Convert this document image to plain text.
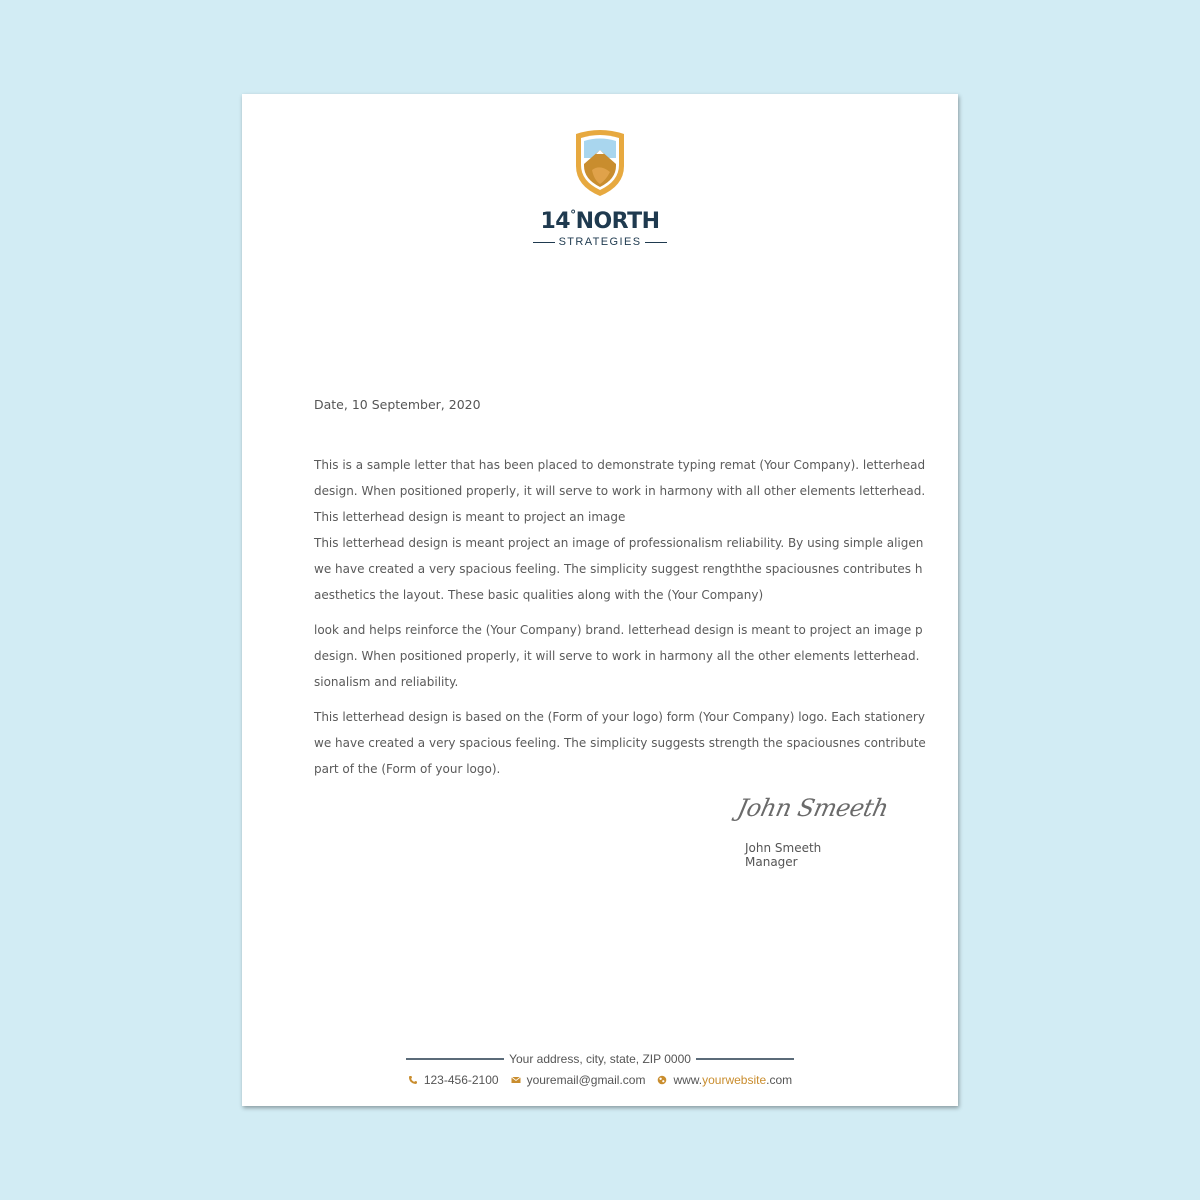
14°NORTH
STRATEGIES
Date, 10 September, 2020
This is a sample letter that has been placed to demonstrate typing remat (Your Company). letterhead
design. When positioned properly, it will serve to work in harmony with all other elements letterhead.
This letterhead design is meant to project an image
This letterhead design is meant project an image of professionalism reliability. By using simple aligen
we have created a very spacious feeling. The simplicity suggest rengththe spaciousnes contributes h
aesthetics the layout. These basic qualities along with the (Your Company)
look and helps reinforce the (Your Company) brand. letterhead design is meant to project an image p
design. When positioned properly, it will serve to work in harmony all the other elements letterhead.
sionalism and reliability.
This letterhead design is based on the (Form of your logo) form (Your Company) logo. Each stationery
we have created a very spacious feeling. The simplicity suggests strength the spaciousnes contribute
part of the (Form of your logo).
John Smeeth
John Smeeth
Manager
Your address, city, state, ZIP 0000
123-456-2100 youremail@gmail.com www.yourwebsite.com
